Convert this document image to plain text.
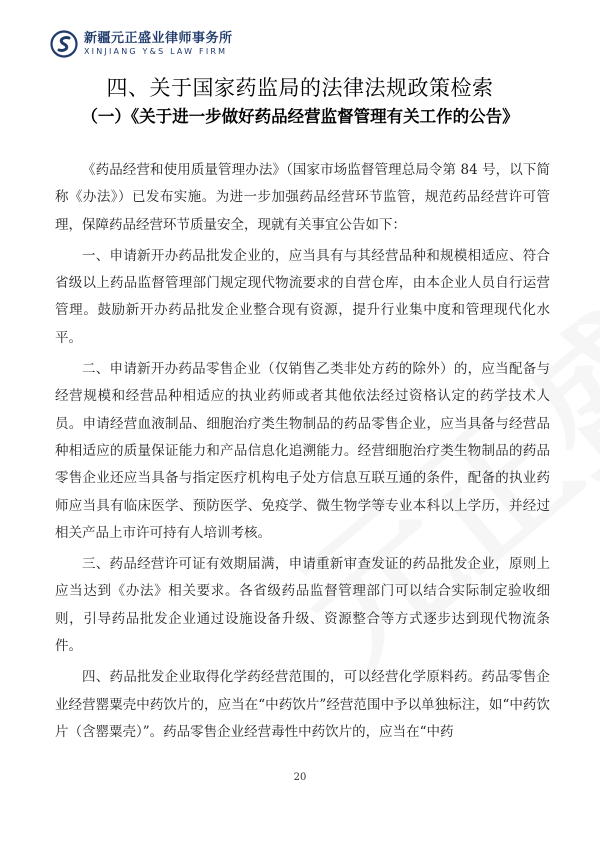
新疆元正盛业律师事务所
XINJIANG Y&S LAW FIRM
四、关于国家药监局的法律法规政策检索
（一）《关于进一步做好药品经营监督管理有关工作的公告》

《药品经营和使用质量管理办法》（国家市场监督管理总局令第 84 号，以下简称《办法》）已发布实施。为进一步加强药品经营环节监管，规范药品经营许可管理，保障药品经营环节质量安全，现就有关事宜公告如下：

一、申请新开办药品批发企业的，应当具有与其经营品种和规模相适应、符合省级以上药品监督管理部门规定现代物流要求的自营仓库，由本企业人员自行运营管理。鼓励新开办药品批发企业整合现有资源，提升行业集中度和管理现代化水平。

二、申请新开办药品零售企业（仅销售乙类非处方药的除外）的，应当配备与经营规模和经营品种相适应的执业药师或者其他依法经过资格认定的药学技术人员。申请经营血液制品、细胞治疗类生物制品的药品零售企业，应当具备与经营品种相适应的质量保证能力和产品信息化追溯能力。经营细胞治疗类生物制品的药品零售企业还应当具备与指定医疗机构电子处方信息互联互通的条件，配备的执业药师应当具有临床医学、预防医学、免疫学、微生物学等专业本科以上学历，并经过相关产品上市许可持有人培训考核。

三、药品经营许可证有效期届满，申请重新审查发证的药品批发企业，原则上应当达到《办法》相关要求。各省级药品监督管理部门可以结合实际制定验收细则，引导药品批发企业通过设施设备升级、资源整合等方式逐步达到现代物流条件。

四、药品批发企业取得化学药经营范围的，可以经营化学原料药。药品零售企业经营罂粟壳中药饮片的，应当在“中药饮片”经营范围中予以单独标注，如“中药饮片（含罂粟壳）”。药品零售企业经营毒性中药饮片的，应当在“中药

20
